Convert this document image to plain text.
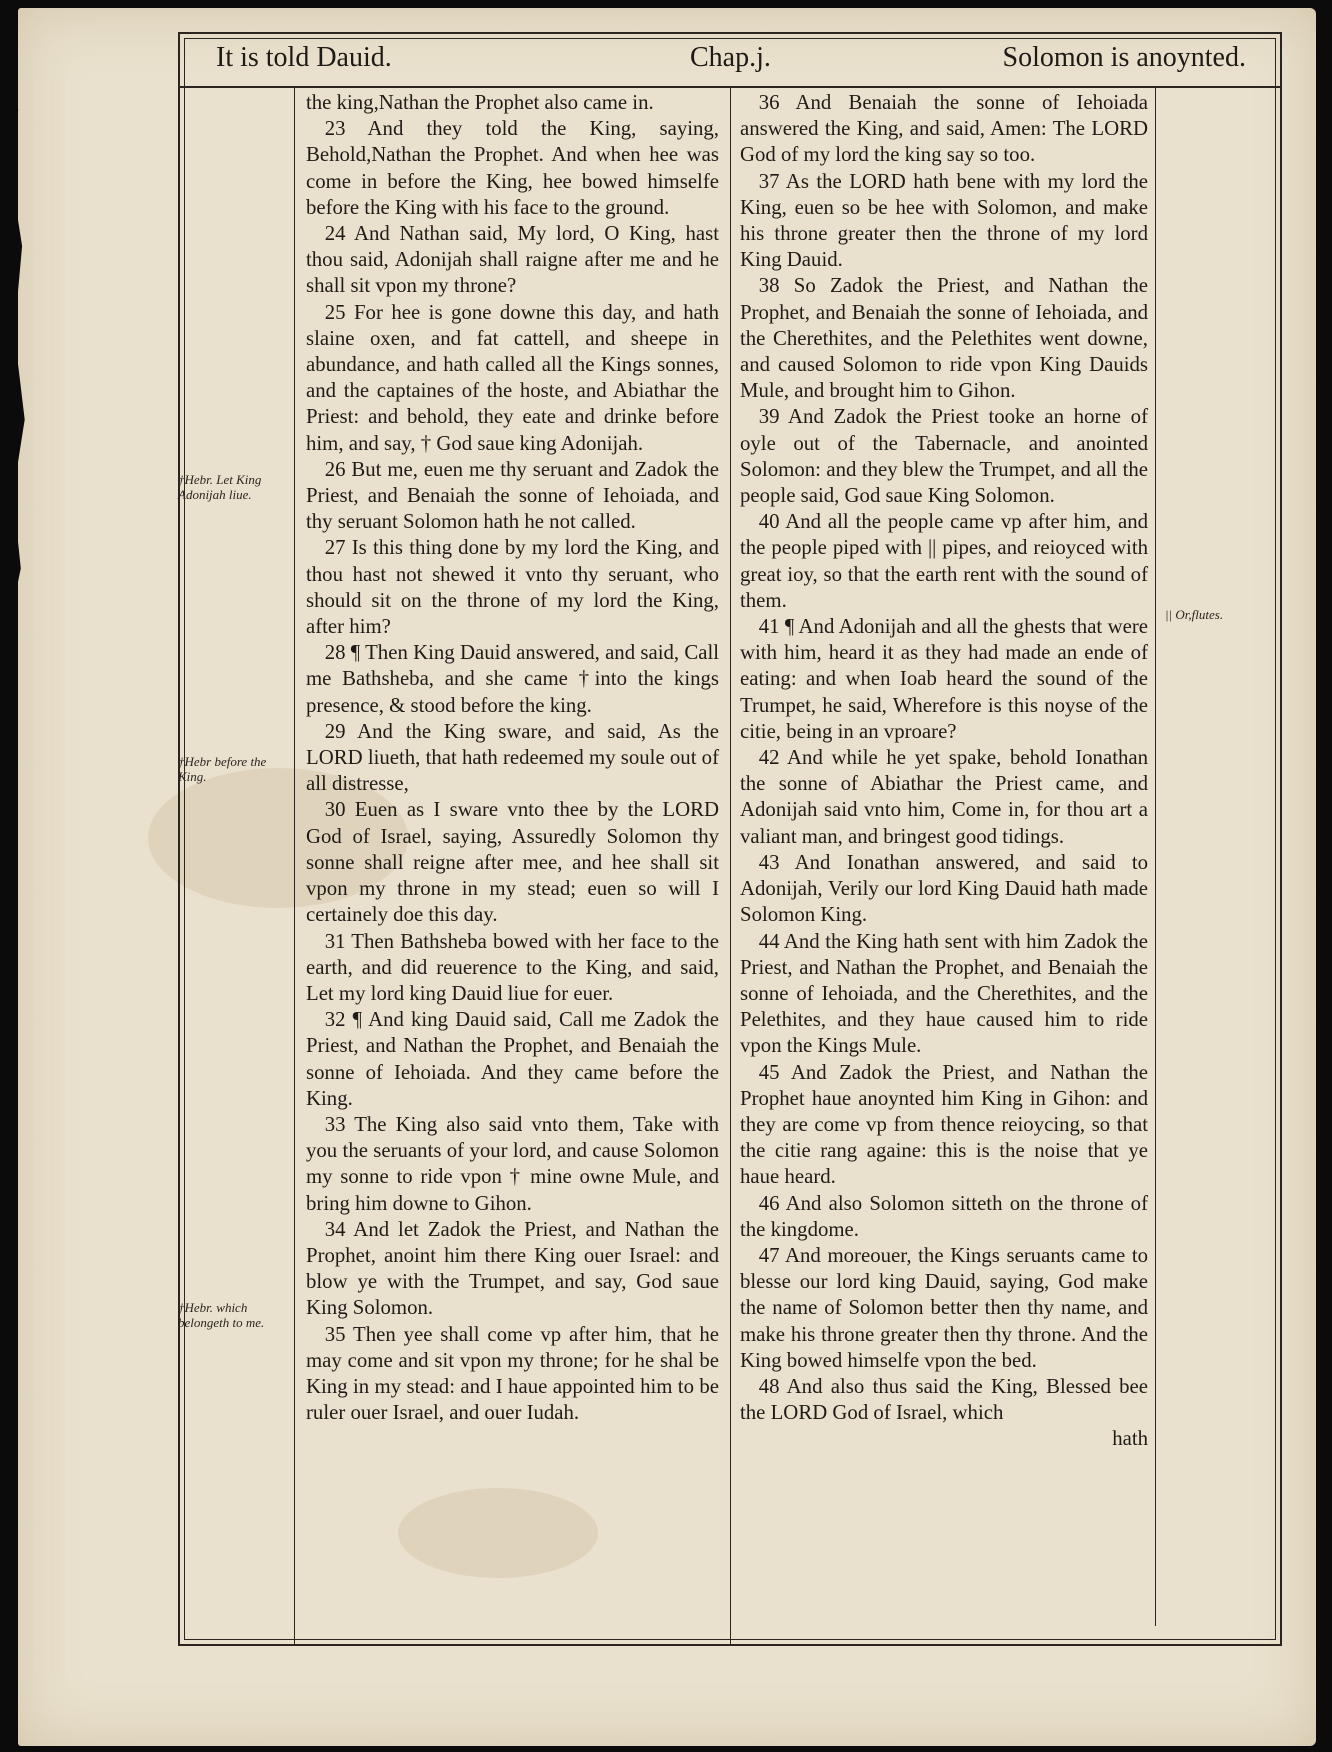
It is told Dauid.	Chap.j.	Solomon is anoynted.
†Hebr. Let King Adonijah liue.
†Hebr before the King.
†Hebr. which belongeth to me.
|| Or,flutes.

the king,Nathan the Prophet also came in.

23 And they told the King, saying, Behold,Nathan the Prophet. And when hee was come in before the King, hee bowed himselfe before the King with his face to the ground.

24 And Nathan said, My lord, O King, hast thou said, Adonijah shall raigne after me and he shall sit vpon my throne?

25 For hee is gone downe this day, and hath slaine oxen, and fat cattell, and sheepe in abundance, and hath called all the Kings sonnes, and the captaines of the hoste, and Abiathar the Priest: and behold, they eate and drinke before him, and say, † God saue king Adonijah.

26 But me, euen me thy seruant and Zadok the Priest, and Benaiah the sonne of Iehoiada, and thy seruant Solomon hath he not called.

27 Is this thing done by my lord the King, and thou hast not shewed it vnto thy seruant, who should sit on the throne of my lord the King, after him?

28 ¶ Then King Dauid answered, and said, Call me Bathsheba, and she came †into the kings presence, & stood before the king.

29 And the King sware, and said, As the LORD liueth, that hath redeemed my soule out of all distresse,

30 Euen as I sware vnto thee by the LORD God of Israel, saying, Assuredly Solomon thy sonne shall reigne after mee, and hee shall sit vpon my throne in my stead; euen so will I certainely doe this day.

31 Then Bathsheba bowed with her face to the earth, and did reuerence to the King, and said, Let my lord king Dauid liue for euer.

32 ¶ And king Dauid said, Call me Zadok the Priest, and Nathan the Prophet, and Benaiah the sonne of Iehoiada. And they came before the King.

33 The King also said vnto them, Take with you the seruants of your lord, and cause Solomon my sonne to ride vpon † mine owne Mule, and bring him downe to Gihon.

34 And let Zadok the Priest, and Nathan the Prophet, anoint him there King ouer Israel: and blow ye with the Trumpet, and say, God saue King Solomon.

35 Then yee shall come vp after him, that he may come and sit vpon my throne; for he shal be King in my stead: and I haue appointed him to be ruler ouer Israel, and ouer Iudah.

36 And Benaiah the sonne of Iehoiada answered the King, and said, Amen: The LORD God of my lord the king say so too.

37 As the LORD hath bene with my lord the King, euen so be hee with Solomon, and make his throne greater then the throne of my lord King Dauid.

38 So Zadok the Priest, and Nathan the Prophet, and Benaiah the sonne of Iehoiada, and the Cherethites, and the Pelethites went downe, and caused Solomon to ride vpon King Dauids Mule, and brought him to Gihon.

39 And Zadok the Priest tooke an horne of oyle out of the Tabernacle, and anointed Solomon: and they blew the Trumpet, and all the people said, God saue King Solomon.

40 And all the people came vp after him, and the people piped with || pipes, and reioyced with great ioy, so that the earth rent with the sound of them.

41 ¶ And Adonijah and all the ghests that were with him, heard it as they had made an ende of eating: and when Ioab heard the sound of the Trumpet, he said, Wherefore is this noyse of the citie, being in an vproare?

42 And while he yet spake, behold Ionathan the sonne of Abiathar the Priest came, and Adonijah said vnto him, Come in, for thou art a valiant man, and bringest good tidings.

43 And Ionathan answered, and said to Adonijah, Verily our lord King Dauid hath made Solomon King.

44 And the King hath sent with him Zadok the Priest, and Nathan the Prophet, and Benaiah the sonne of Iehoiada, and the Cherethites, and the Pelethites, and they haue caused him to ride vpon the Kings Mule.

45 And Zadok the Priest, and Nathan the Prophet haue anoynted him King in Gihon: and they are come vp from thence reioycing, so that the citie rang againe: this is the noise that ye haue heard.

46 And also Solomon sitteth on the throne of the kingdome.

47 And moreouer, the Kings seruants came to blesse our lord king Dauid, saying, God make the name of Solomon better then thy name, and make his throne greater then thy throne. And the King bowed himselfe vpon the bed.

48 And also thus said the King, Blessed bee the LORD God of Israel, which

hath
